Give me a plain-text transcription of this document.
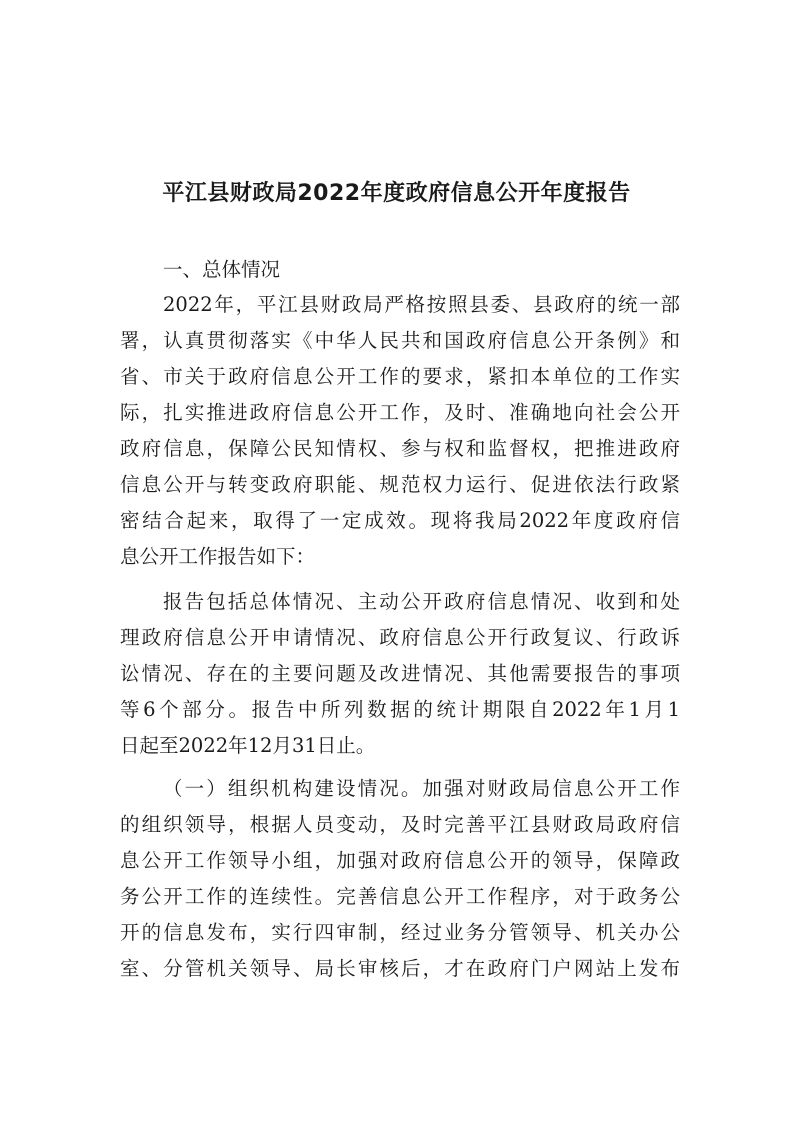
平江县财政局2022年度政府信息公开年度报告

一、总体情况

2022年，平江县财政局严格按照县委、县政府的统一部

署，认真贯彻落实《中华人民共和国政府信息公开条例》和

省、市关于政府信息公开工作的要求，紧扣本单位的工作实

际，扎实推进政府信息公开工作，及时、准确地向社会公开

政府信息，保障公民知情权、参与权和监督权，把推进政府

信息公开与转变政府职能、规范权力运行、促进依法行政紧

密结合起来，取得了一定成效。现将我局2022年度政府信

息公开工作报告如下：

报告包括总体情况、主动公开政府信息情况、收到和处

理政府信息公开申请情况、政府信息公开行政复议、行政诉

讼情况、存在的主要问题及改进情况、其他需要报告的事项

等6个部分。报告中所列数据的统计期限自2022年1月1

日起至2022年12月31日止。

（一）组织机构建设情况。加强对财政局信息公开工作

的组织领导，根据人员变动，及时完善平江县财政局政府信

息公开工作领导小组，加强对政府信息公开的领导，保障政

务公开工作的连续性。完善信息公开工作程序，对于政务公

开的信息发布，实行四审制，经过业务分管领导、机关办公

室、分管机关领导、局长审核后，才在政府门户网站上发布
